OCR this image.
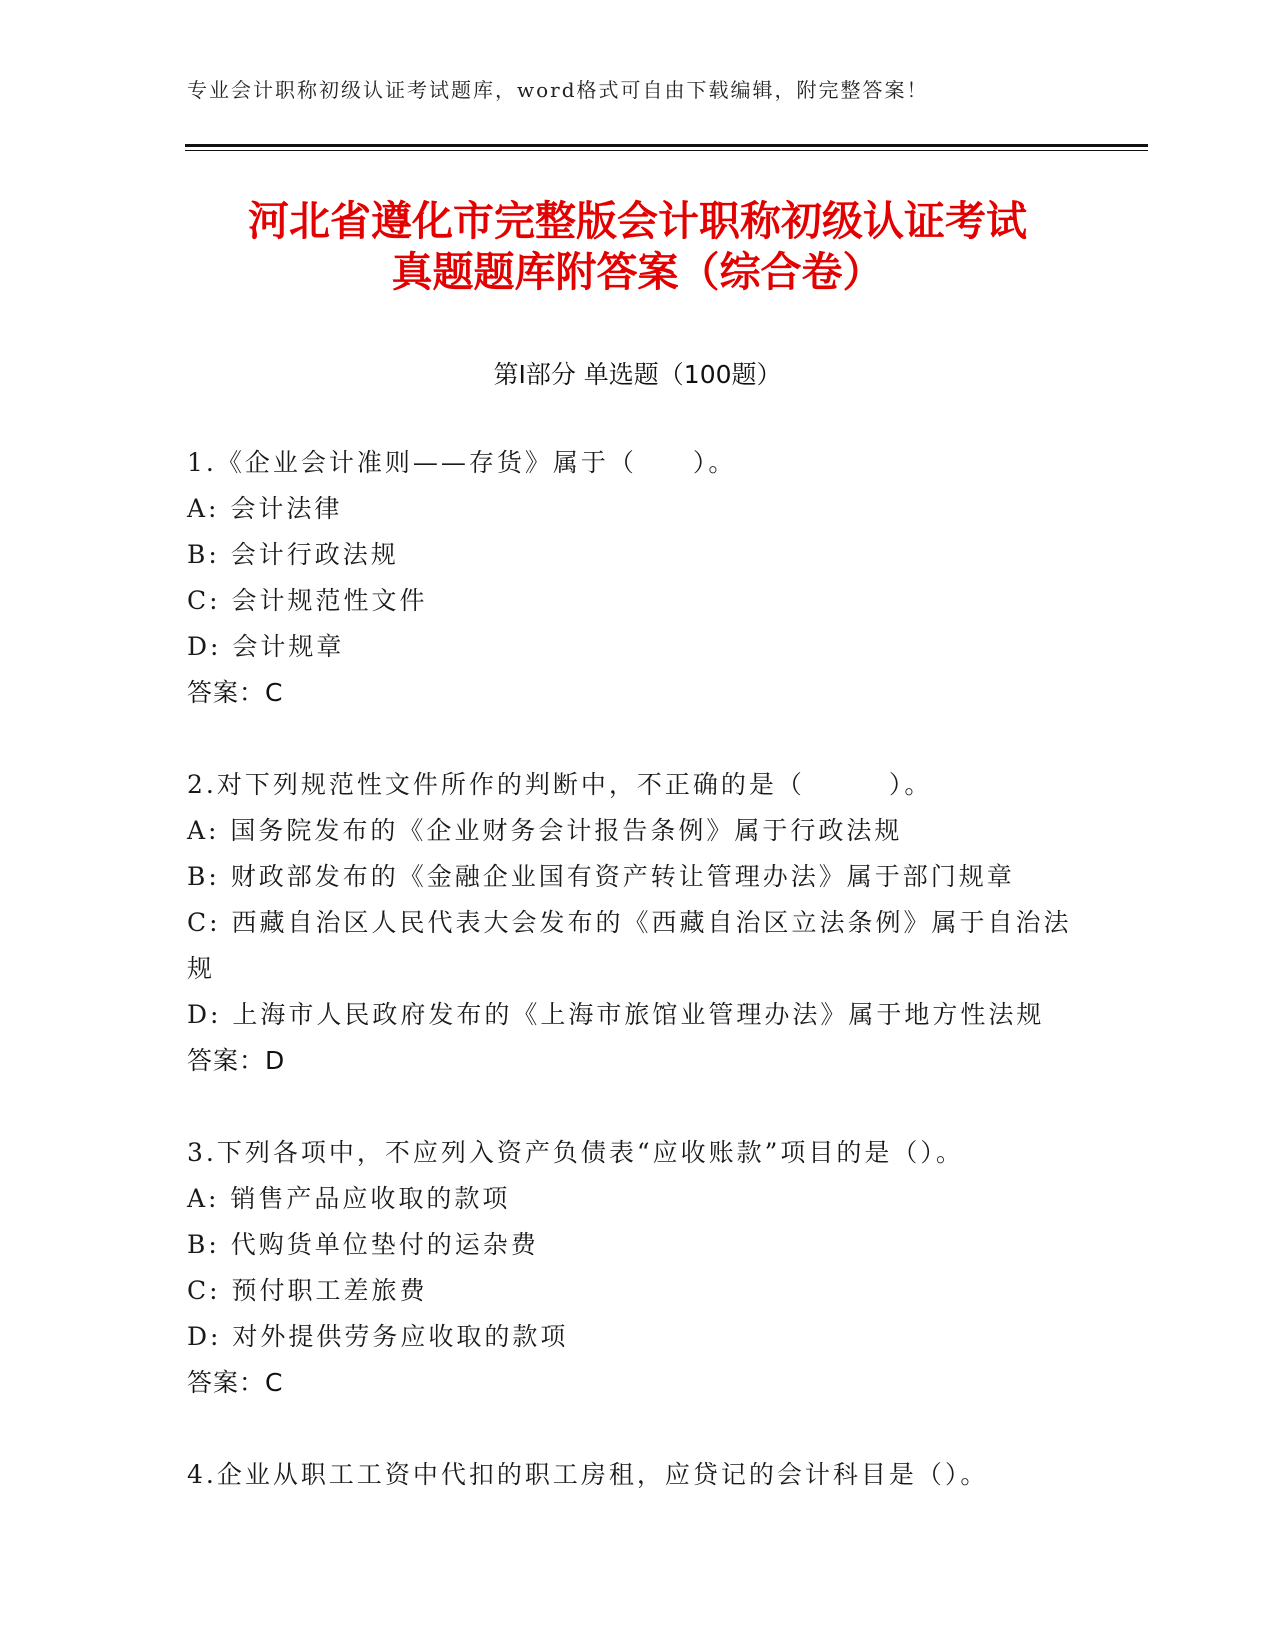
专业会计职称初级认证考试题库，word格式可自由下载编辑，附完整答案！
河北省遵化市完整版会计职称初级认证考试
真题题库附答案（综合卷）
第Ⅰ部分 单选题（100题）
1.《企业会计准则——存货》属于（　　）。
A: 会计法律
B: 会计行政法规
C: 会计规范性文件
D: 会计规章
答案：C
2.对下列规范性文件所作的判断中，不正确的是（　　　）。
A: 国务院发布的《企业财务会计报告条例》属于行政法规
B: 财政部发布的《金融企业国有资产转让管理办法》属于部门规章
C: 西藏自治区人民代表大会发布的《西藏自治区立法条例》属于自治法规
D: 上海市人民政府发布的《上海市旅馆业管理办法》属于地方性法规
答案：D
3.下列各项中，不应列入资产负债表“应收账款”项目的是（）。
A: 销售产品应收取的款项
B: 代购货单位垫付的运杂费
C: 预付职工差旅费
D: 对外提供劳务应收取的款项
答案：C
4.企业从职工工资中代扣的职工房租，应贷记的会计科目是（）。
